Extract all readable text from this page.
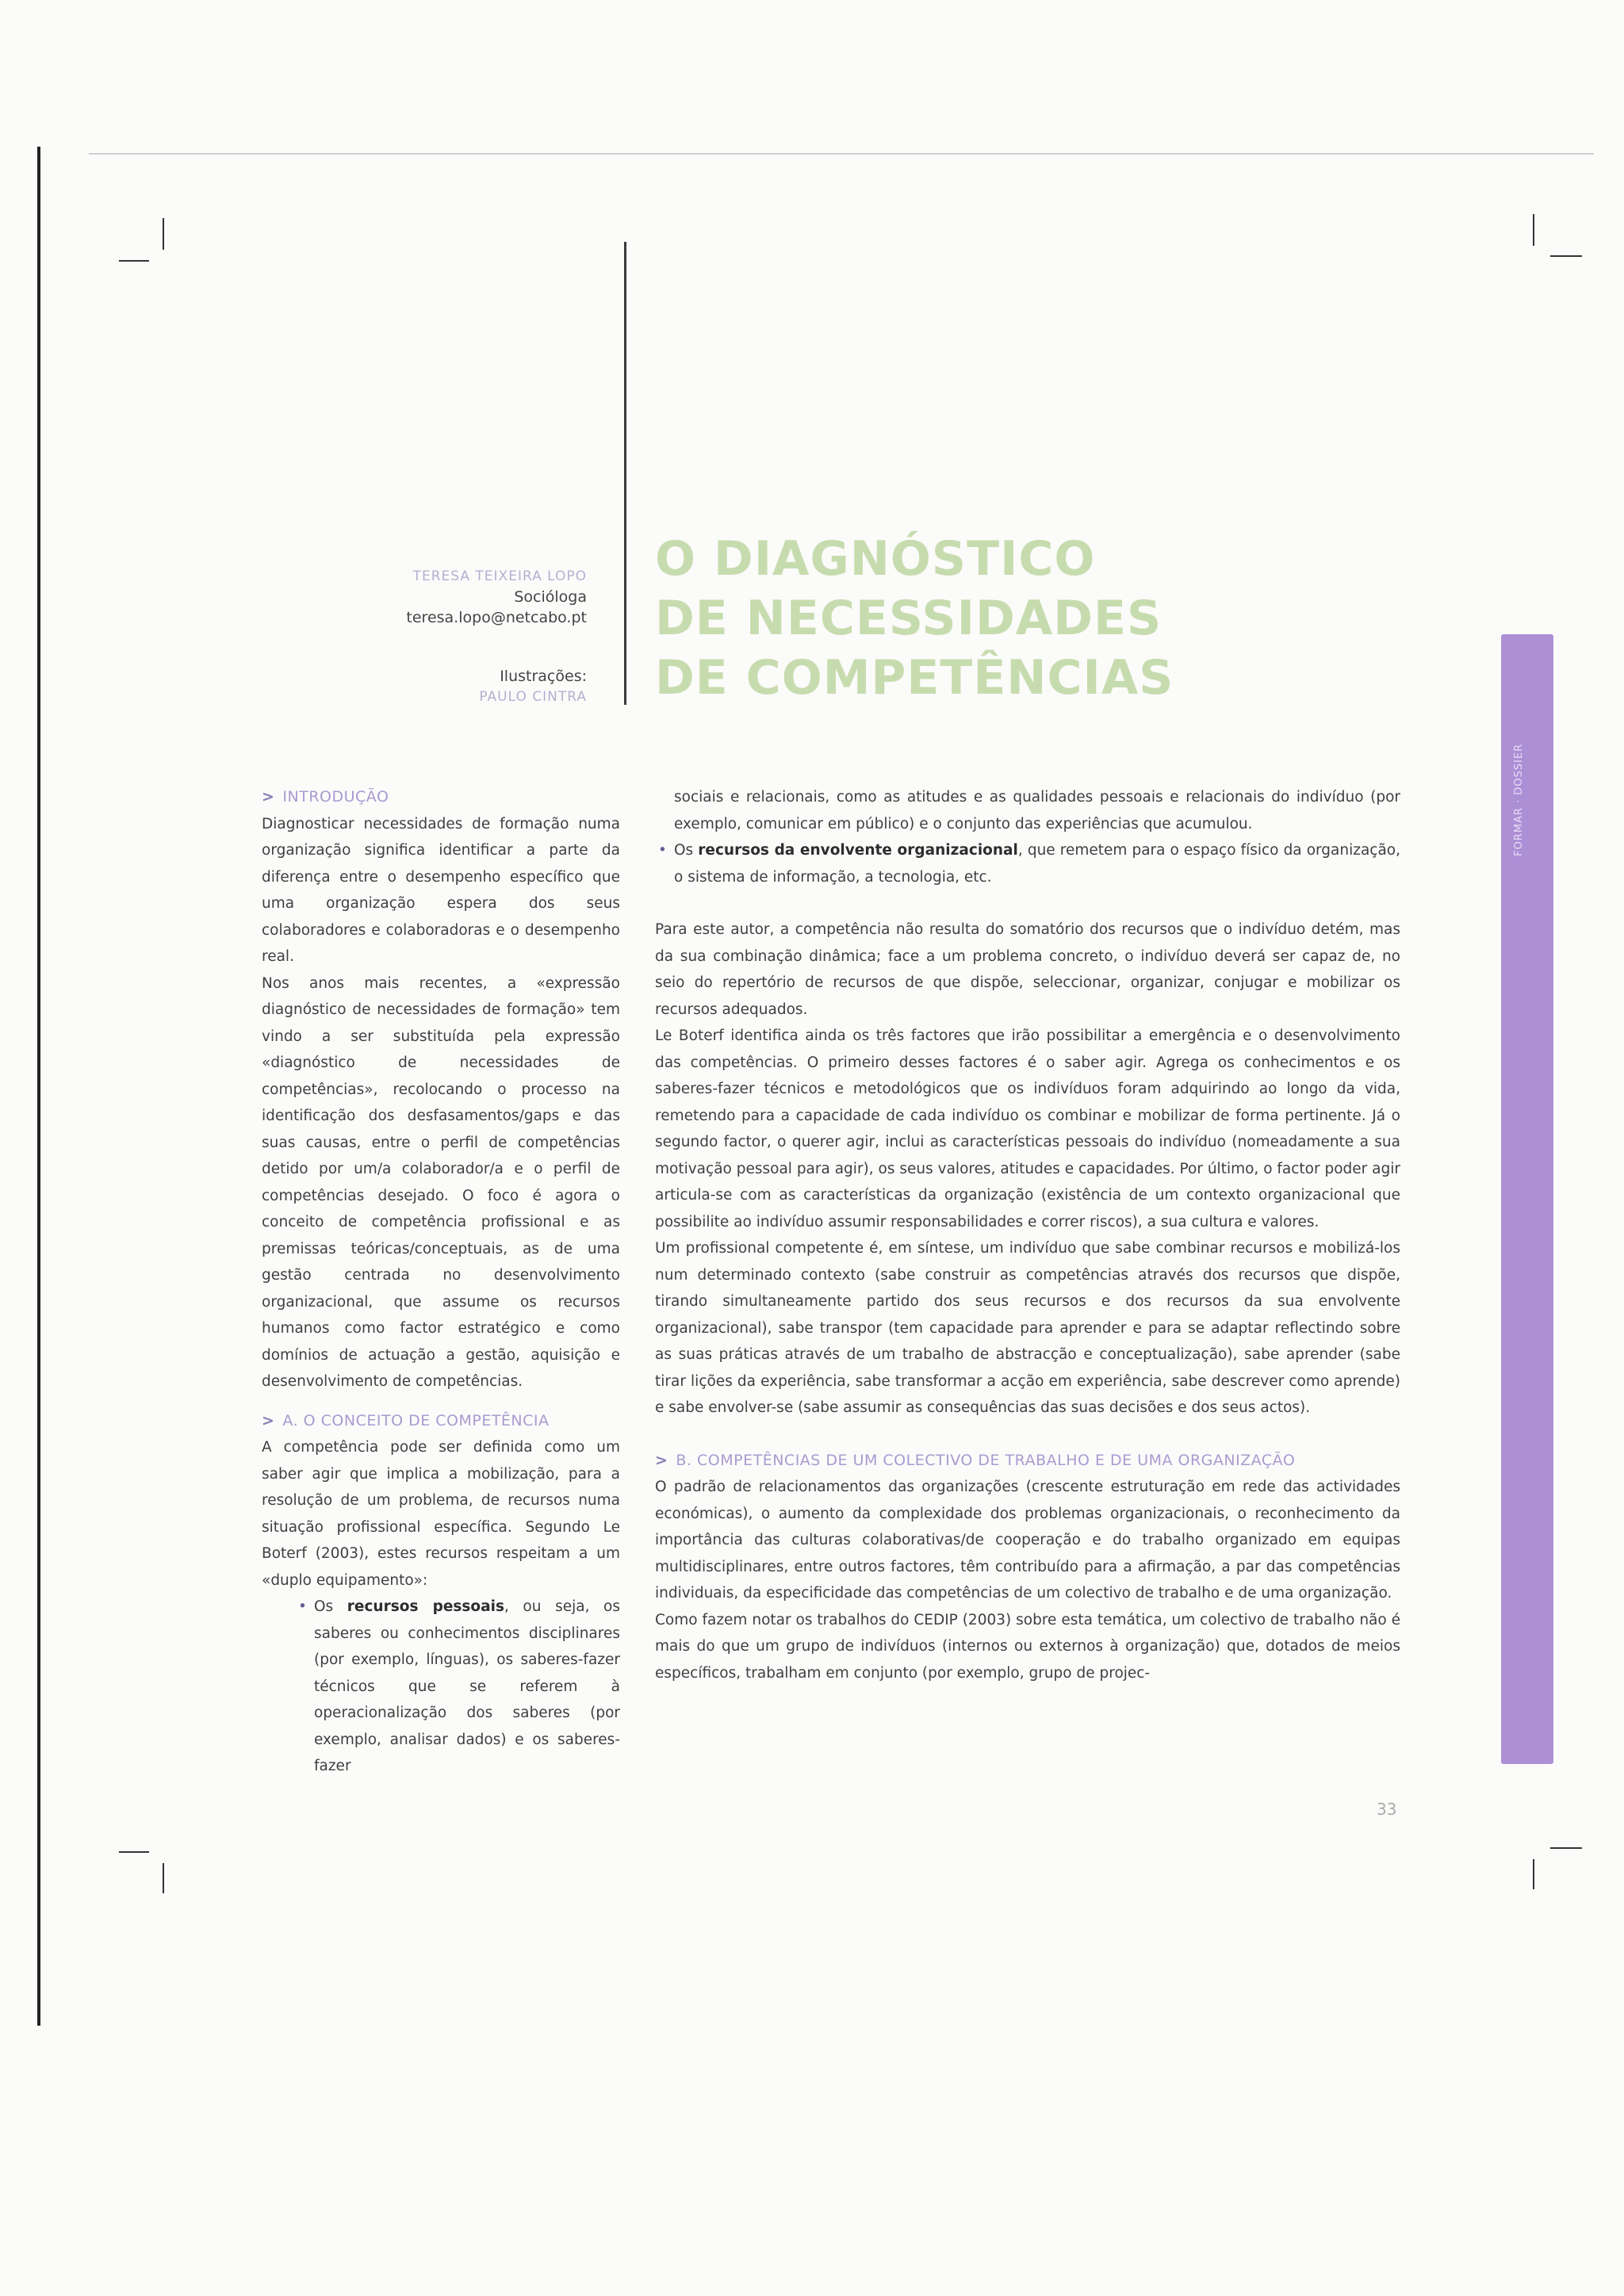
TERESA TEIXEIRA LOPO
Socióloga
teresa.lopo@netcabo.pt
Ilustrações:
PAULO CINTRA
O DIAGNÓSTICO
DE NECESSIDADES
DE COMPETÊNCIAS
FORMAR · DOSSIER
> INTRODUÇÃO

Diagnosticar necessidades de formação numa organização significa identificar a parte da diferença entre o desempenho específico que uma organização espera dos seus colaboradores e colaboradoras e o desempenho real.

Nos anos mais recentes, a «expressão diagnóstico de necessidades de formação» tem vindo a ser substituída pela expressão «diagnóstico de necessidades de competências», recolocando o processo na identificação dos desfasamentos/gaps e das suas causas, entre o perfil de competências detido por um/a colaborador/a e o perfil de competências desejado. O foco é agora o conceito de competência profissional e as premissas teóricas/conceptuais, as de uma gestão centrada no desenvolvimento organizacional, que assume os recursos humanos como factor estratégico e como domínios de actuação a gestão, aquisição e desenvolvimento de competências.

> A. O CONCEITO DE COMPETÊNCIA

A competência pode ser definida como um saber agir que implica a mobilização, para a resolução de um problema, de recursos numa situação profissional específica. Segundo Le Boterf (2003), estes recursos respeitam a um «duplo equipamento»:

• Os recursos pessoais, ou seja, os saberes ou conhecimentos disciplinares (por exemplo, línguas), os saberes-fazer técnicos que se referem à operacionalização dos saberes (por exemplo, analisar dados) e os saberes-fazer
sociais e relacionais, como as atitudes e as qualidades pessoais e relacionais do indivíduo (por exemplo, comunicar em público) e o conjunto das experiências que acumulou.
• Os recursos da envolvente organizacional, que remetem para o espaço físico da organização, o sistema de informação, a tecnologia, etc.

Para este autor, a competência não resulta do somatório dos recursos que o indivíduo detém, mas da sua combinação dinâmica; face a um problema concreto, o indivíduo deverá ser capaz de, no seio do repertório de recursos de que dispõe, seleccionar, organizar, conjugar e mobilizar os recursos adequados.

Le Boterf identifica ainda os três factores que irão possibilitar a emergência e o desenvolvimento das competências. O primeiro desses factores é o saber agir. Agrega os conhecimentos e os saberes-fazer técnicos e metodológicos que os indivíduos foram adquirindo ao longo da vida, remetendo para a capacidade de cada indivíduo os combinar e mobilizar de forma pertinente. Já o segundo factor, o querer agir, inclui as características pessoais do indivíduo (nomeadamente a sua motivação pessoal para agir), os seus valores, atitudes e capacidades. Por último, o factor poder agir articula-se com as características da organização (existência de um contexto organizacional que possibilite ao indivíduo assumir responsabilidades e correr riscos), a sua cultura e valores.

Um profissional competente é, em síntese, um indivíduo que sabe combinar recursos e mobilizá-los num determinado contexto (sabe construir as competências através dos recursos que dispõe, tirando simultaneamente partido dos seus recursos e dos recursos da sua envolvente organizacional), sabe transpor (tem capacidade para aprender e para se adaptar reflectindo sobre as suas práticas através de um trabalho de abstracção e conceptualização), sabe aprender (sabe tirar lições da experiência, sabe transformar a acção em experiência, sabe descrever como aprende) e sabe envolver-se (sabe assumir as consequências das suas decisões e dos seus actos).

> B. COMPETÊNCIAS DE UM COLECTIVO DE TRABALHO E DE UMA ORGANIZAÇÃO

O padrão de relacionamentos das organizações (crescente estruturação em rede das actividades económicas), o aumento da complexidade dos problemas organizacionais, o reconhecimento da importância das culturas colaborativas/de cooperação e do trabalho organizado em equipas multidisciplinares, entre outros factores, têm contribuído para a afirmação, a par das competências individuais, da especificidade das competências de um colectivo de trabalho e de uma organização.

Como fazem notar os trabalhos do CEDIP (2003) sobre esta temática, um colectivo de trabalho não é mais do que um grupo de indivíduos (internos ou externos à organização) que, dotados de meios específicos, trabalham em conjunto (por exemplo, grupo de projec-

33
